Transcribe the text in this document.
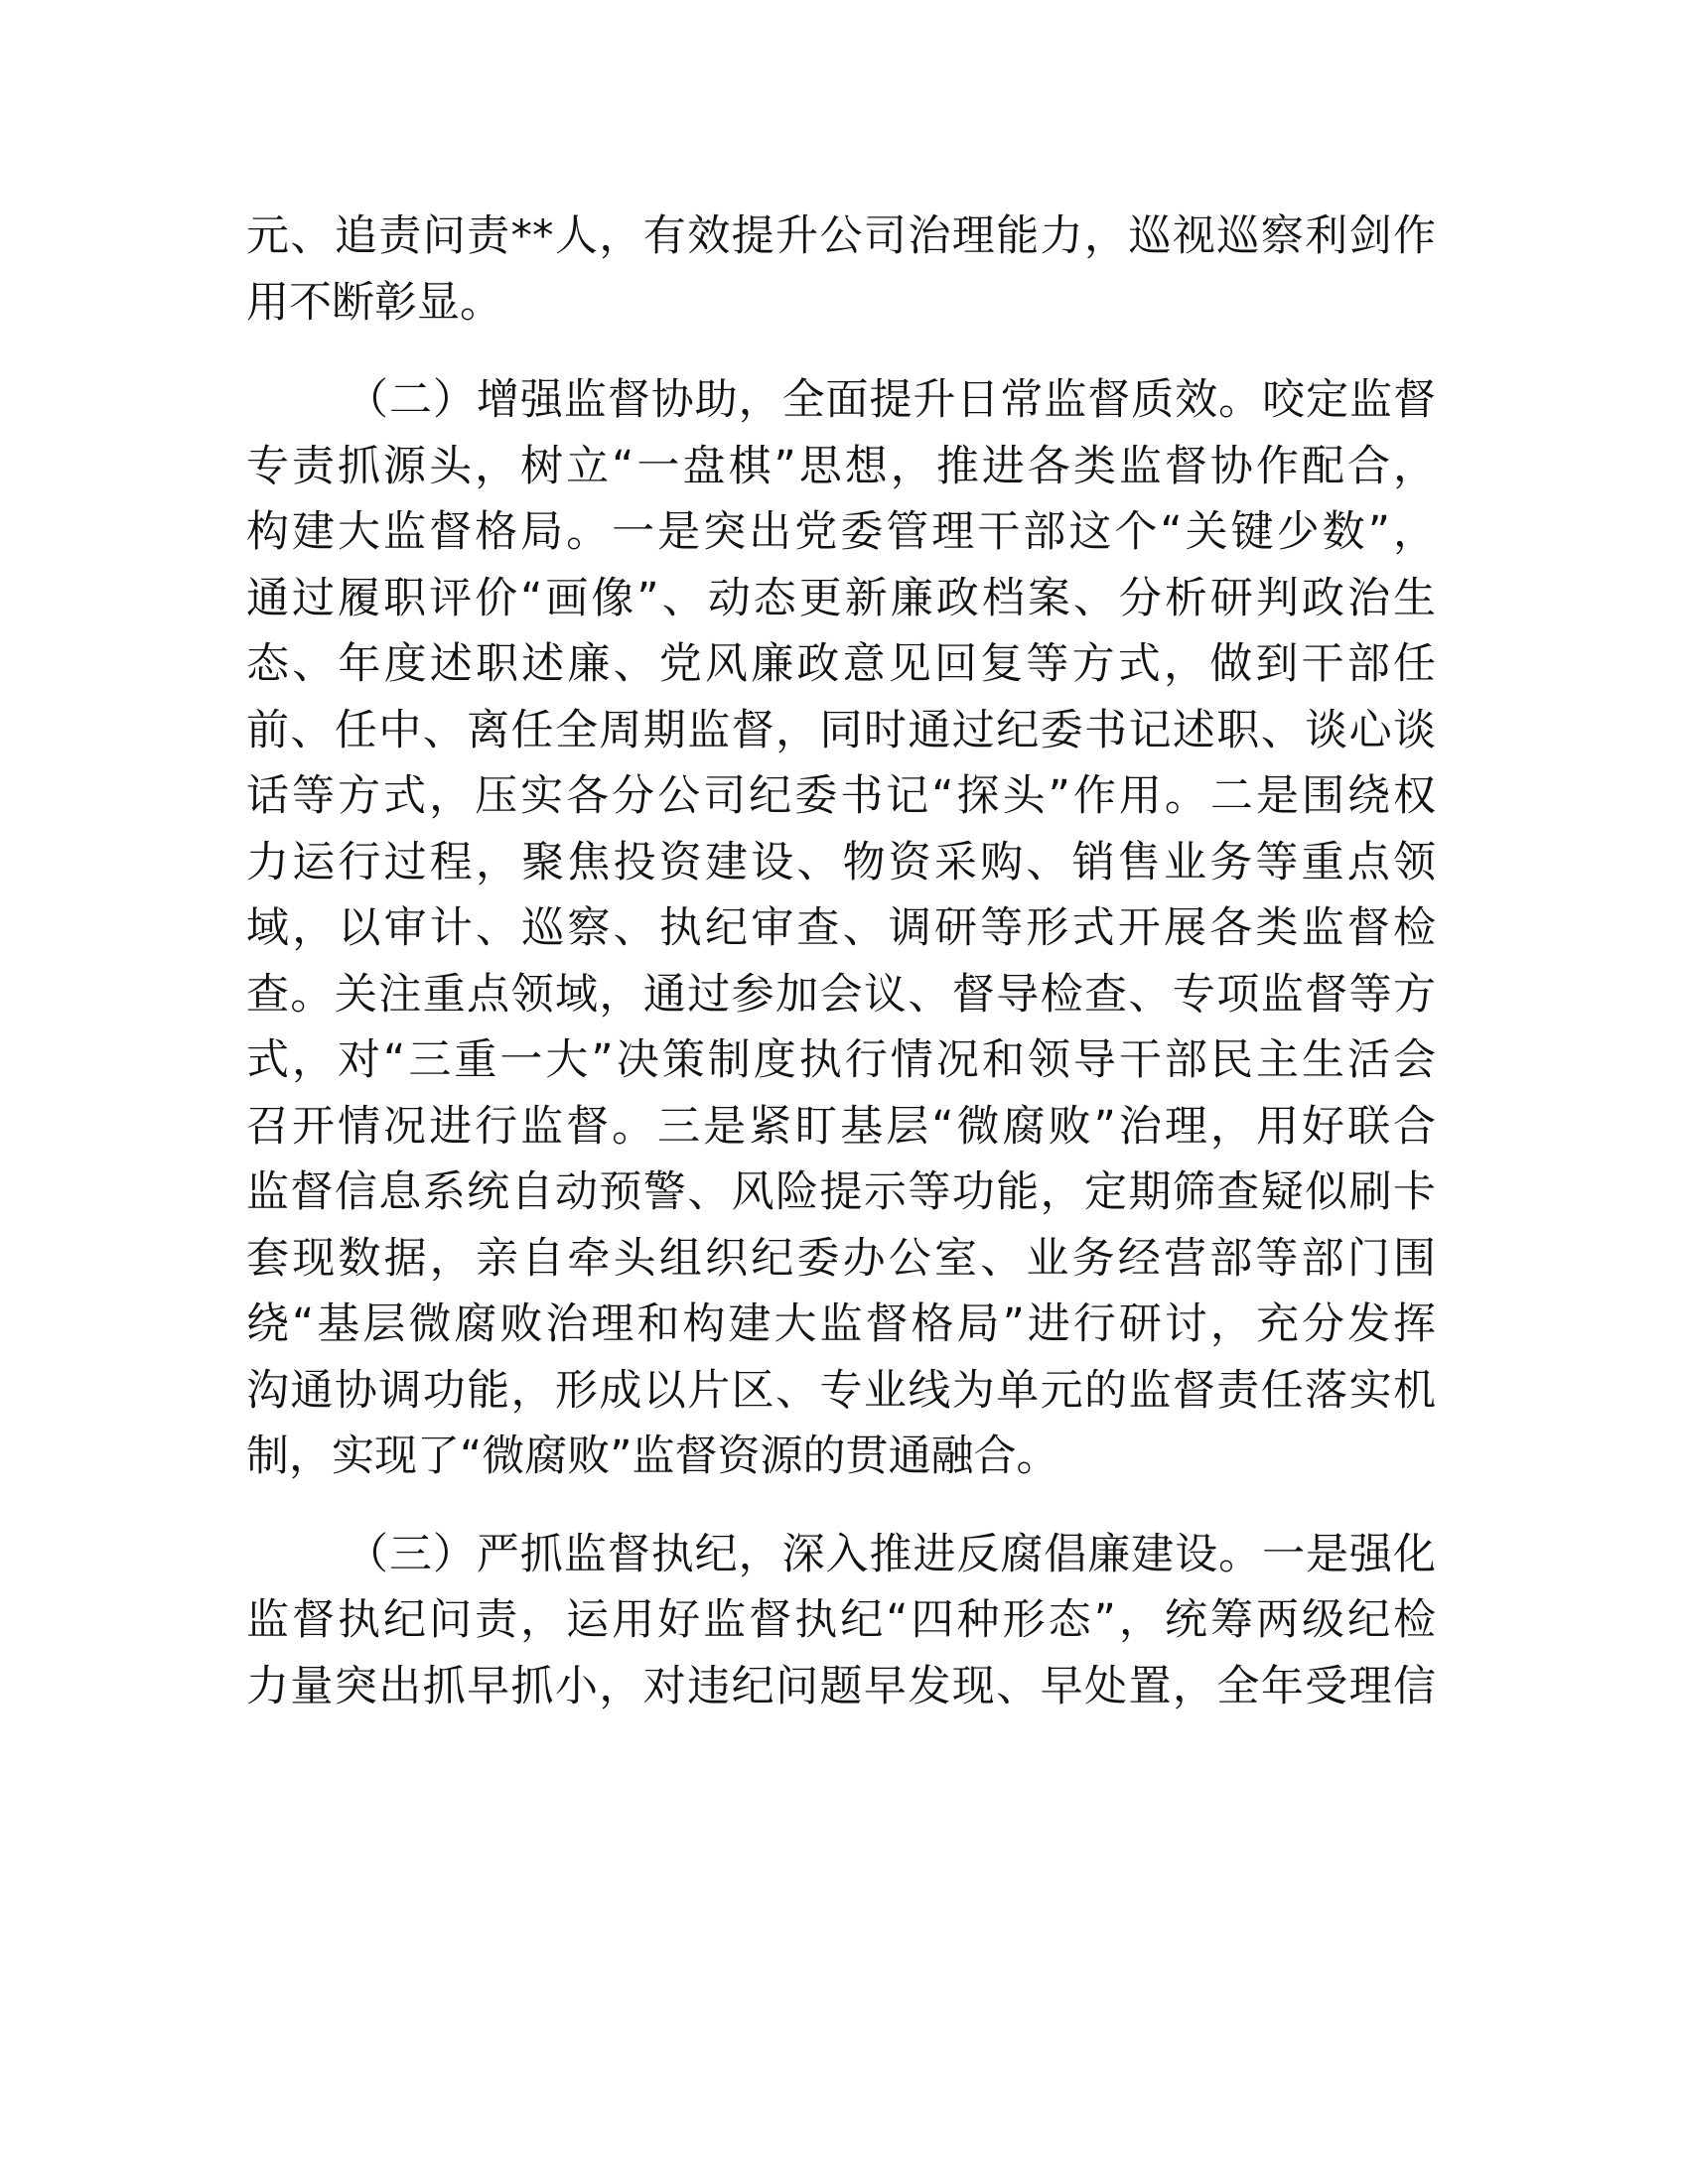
元、追责问责**人，有效提升公司治理能力，巡视巡察利剑作
用不断彰显。
（二）增强监督协助，全面提升日常监督质效。咬定监督
专责抓源头，树立“一盘棋”思想，推进各类监督协作配合，
构建大监督格局。一是突出党委管理干部这个“关键少数”，
通过履职评价“画像”、动态更新廉政档案、分析研判政治生
态、年度述职述廉、党风廉政意见回复等方式，做到干部任
前、任中、离任全周期监督，同时通过纪委书记述职、谈心谈
话等方式，压实各分公司纪委书记“探头”作用。二是围绕权
力运行过程，聚焦投资建设、物资采购、销售业务等重点领
域，以审计、巡察、执纪审查、调研等形式开展各类监督检
查。关注重点领域，通过参加会议、督导检查、专项监督等方
式，对“三重一大”决策制度执行情况和领导干部民主生活会
召开情况进行监督。三是紧盯基层“微腐败”治理，用好联合
监督信息系统自动预警、风险提示等功能，定期筛查疑似刷卡
套现数据，亲自牵头组织纪委办公室、业务经营部等部门围
绕“基层微腐败治理和构建大监督格局”进行研讨，充分发挥
沟通协调功能，形成以片区、专业线为单元的监督责任落实机
制，实现了“微腐败”监督资源的贯通融合。
（三）严抓监督执纪，深入推进反腐倡廉建设。一是强化
监督执纪问责，运用好监督执纪“四种形态”，统筹两级纪检
力量突出抓早抓小，对违纪问题早发现、早处置，全年受理信
